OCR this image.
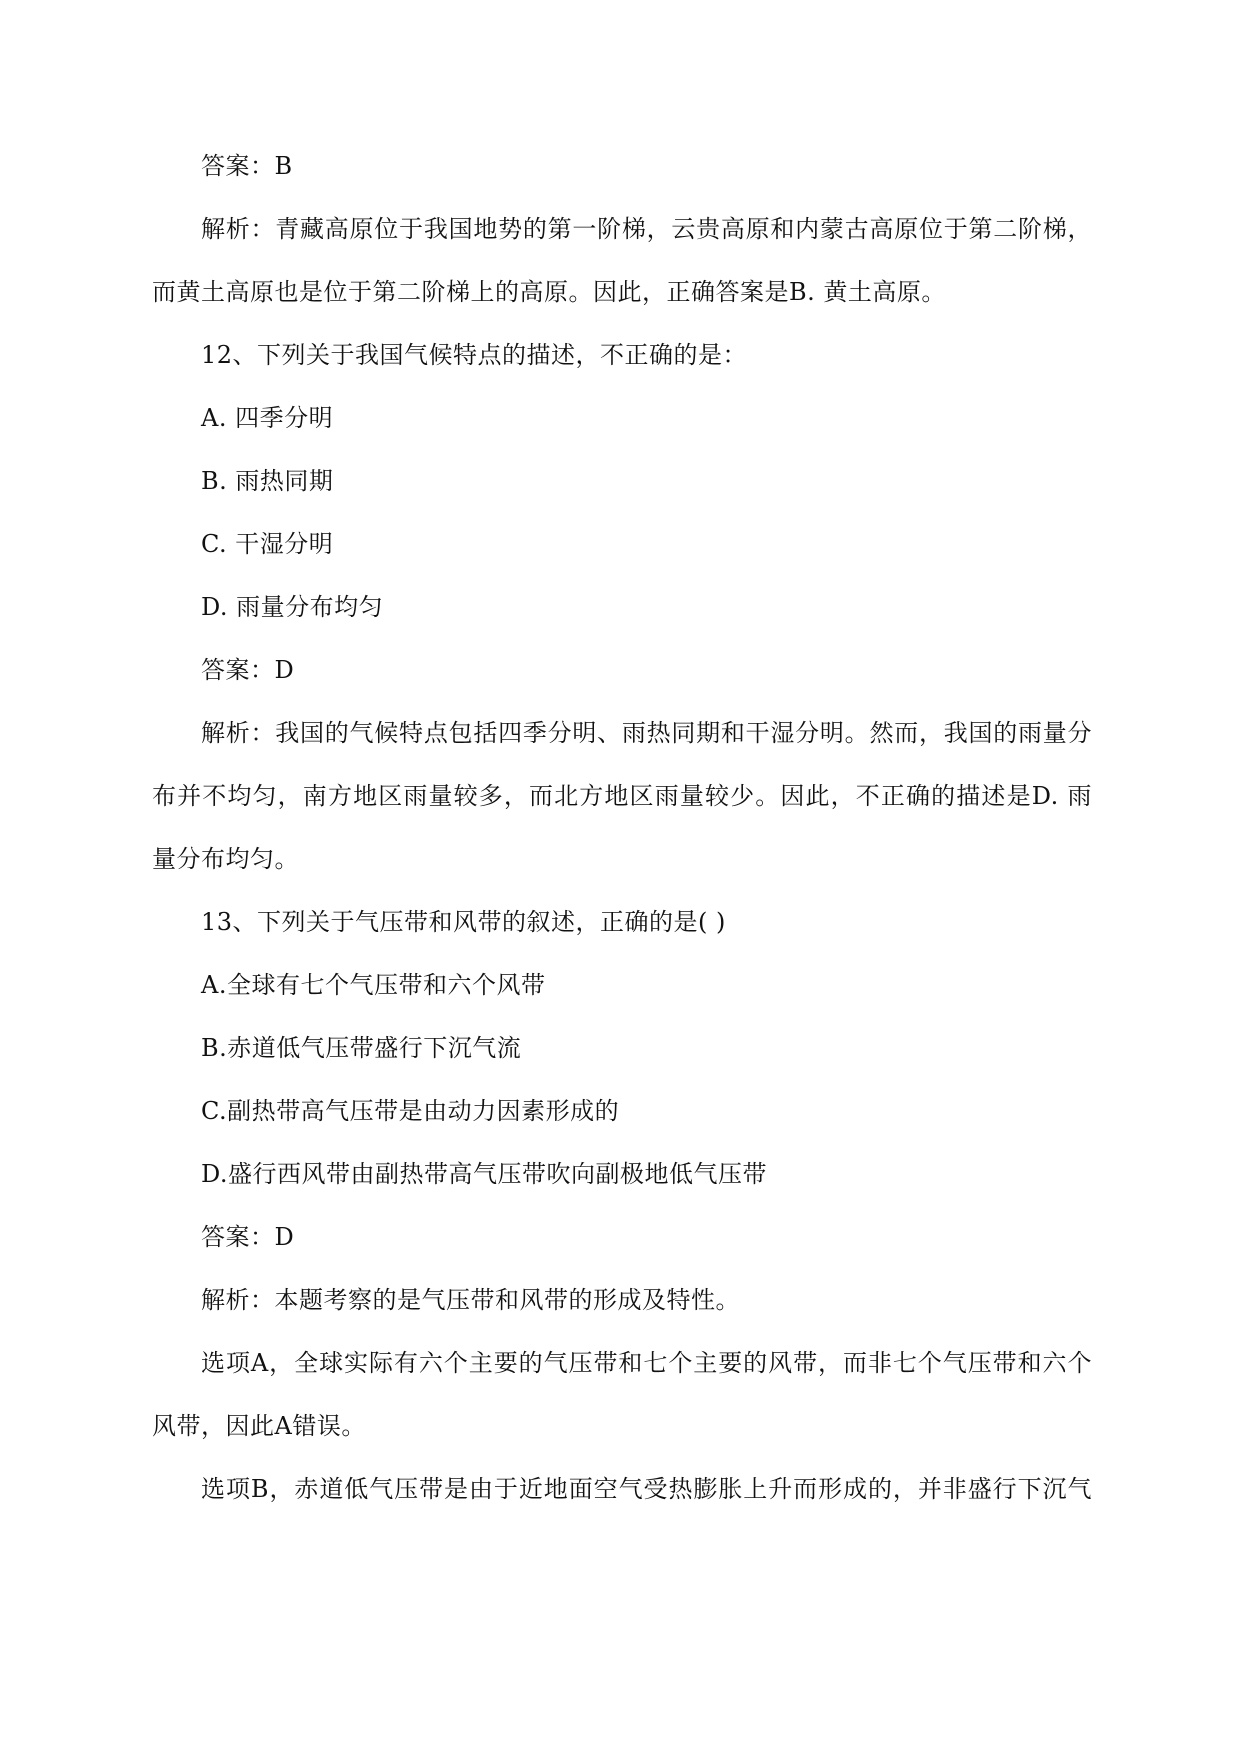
答案：B
解析：青藏高原位于我国地势的第一阶梯，云贵高原和内蒙古高原位于第二阶梯，
而黄土高原也是位于第二阶梯上的高原。因此，正确答案是B. 黄土高原。
12、下列关于我国气候特点的描述，不正确的是：
A. 四季分明
B. 雨热同期
C. 干湿分明
D. 雨量分布均匀
答案：D
解析：我国的气候特点包括四季分明、雨热同期和干湿分明。然而，我国的雨量分
布并不均匀，南方地区雨量较多，而北方地区雨量较少。因此，不正确的描述是D. 雨
量分布均匀。
13、下列关于气压带和风带的叙述，正确的是( )
A.全球有七个气压带和六个风带
B.赤道低气压带盛行下沉气流
C.副热带高气压带是由动力因素形成的
D.盛行西风带由副热带高气压带吹向副极地低气压带
答案：D
解析：本题考察的是气压带和风带的形成及特性。
选项A，全球实际有六个主要的气压带和七个主要的风带，而非七个气压带和六个
风带，因此A错误。
选项B，赤道低气压带是由于近地面空气受热膨胀上升而形成的，并非盛行下沉气
